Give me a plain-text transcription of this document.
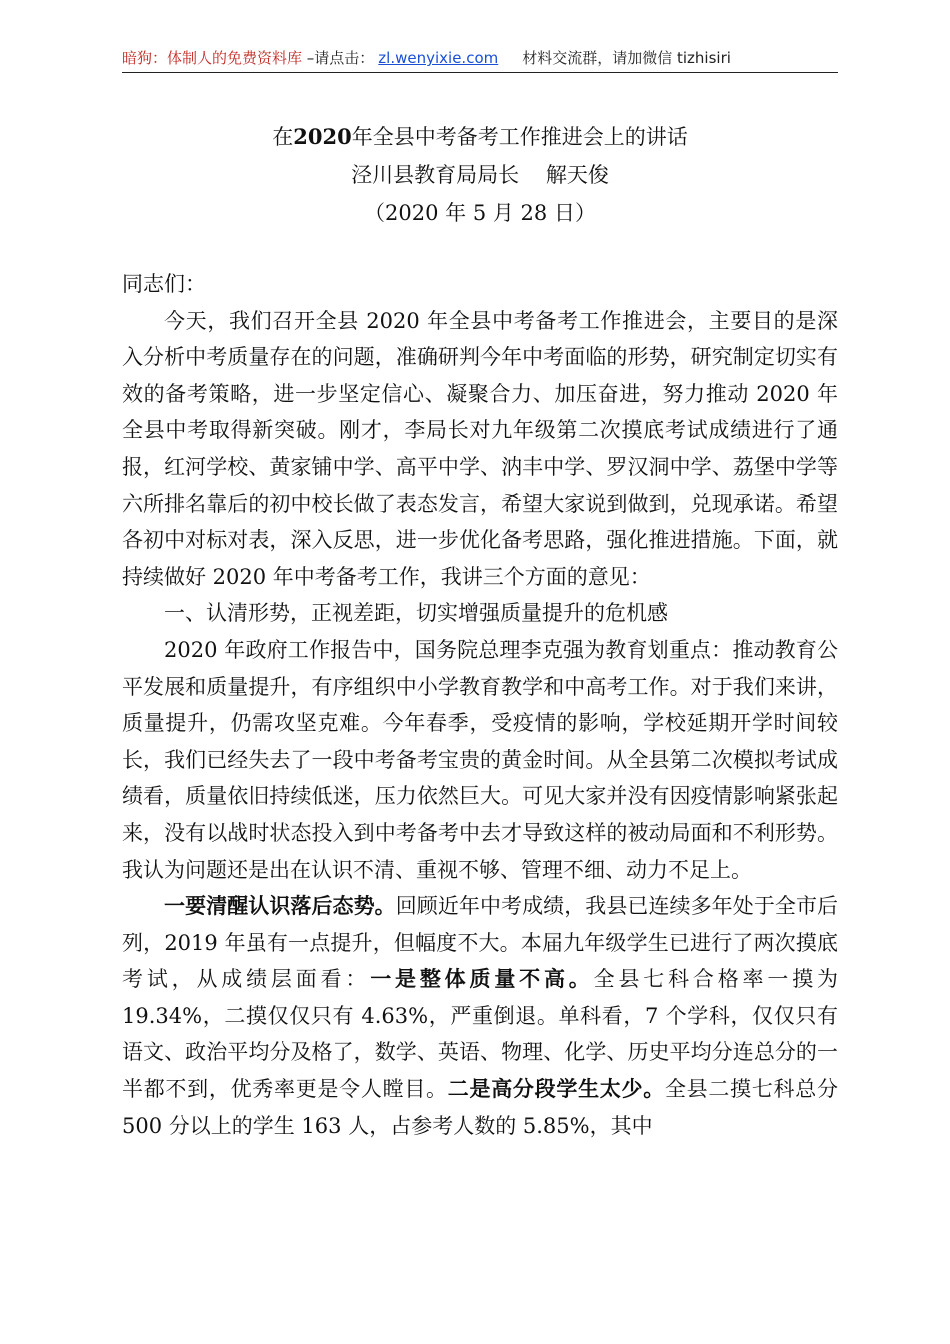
暗狗：体制人的免费资料库 –请点击： zl.wenyixie.com 材料交流群，请加微信 tizhisiri
在2020年全县中考备考工作推进会上的讲话
泾川县教育局局长    解天俊
（2020 年 5 月 28 日）

同志们：

今天，我们召开全县 2020 年全县中考备考工作推进会，主要目的是深入分析中考质量存在的问题，准确研判今年中考面临的形势，研究制定切实有效的备考策略，进一步坚定信心、凝聚合力、加压奋进，努力推动 2020 年全县中考取得新突破。刚才，李局长对九年级第二次摸底考试成绩进行了通报，红河学校、黄家铺中学、高平中学、汭丰中学、罗汉洞中学、荔堡中学等六所排名靠后的初中校长做了表态发言，希望大家说到做到，兑现承诺。希望各初中对标对表，深入反思，进一步优化备考思路，强化推进措施。下面，就持续做好 2020 年中考备考工作，我讲三个方面的意见：

一、认清形势，正视差距，切实增强质量提升的危机感

2020 年政府工作报告中，国务院总理李克强为教育划重点：推动教育公平发展和质量提升，有序组织中小学教育教学和中高考工作。对于我们来讲，质量提升，仍需攻坚克难。今年春季，受疫情的影响，学校延期开学时间较长，我们已经失去了一段中考备考宝贵的黄金时间。从全县第二次模拟考试成绩看，质量依旧持续低迷，压力依然巨大。可见大家并没有因疫情影响紧张起来，没有以战时状态投入到中考备考中去才导致这样的被动局面和不利形势。我认为问题还是出在认识不清、重视不够、管理不细、动力不足上。

一要清醒认识落后态势。回顾近年中考成绩，我县已连续多年处于全市后列，2019 年虽有一点提升，但幅度不大。本届九年级学生已进行了两次摸底考试，从成绩层面看：一是整体质量不高。全县七科合格率一摸为 19.34%，二摸仅仅只有 4.63%，严重倒退。单科看，7 个学科，仅仅只有语文、政治平均分及格了，数学、英语、物理、化学、历史平均分连总分的一半都不到，优秀率更是令人瞠目。二是高分段学生太少。全县二摸七科总分 500 分以上的学生 163 人，占参考人数的 5.85%，其中
